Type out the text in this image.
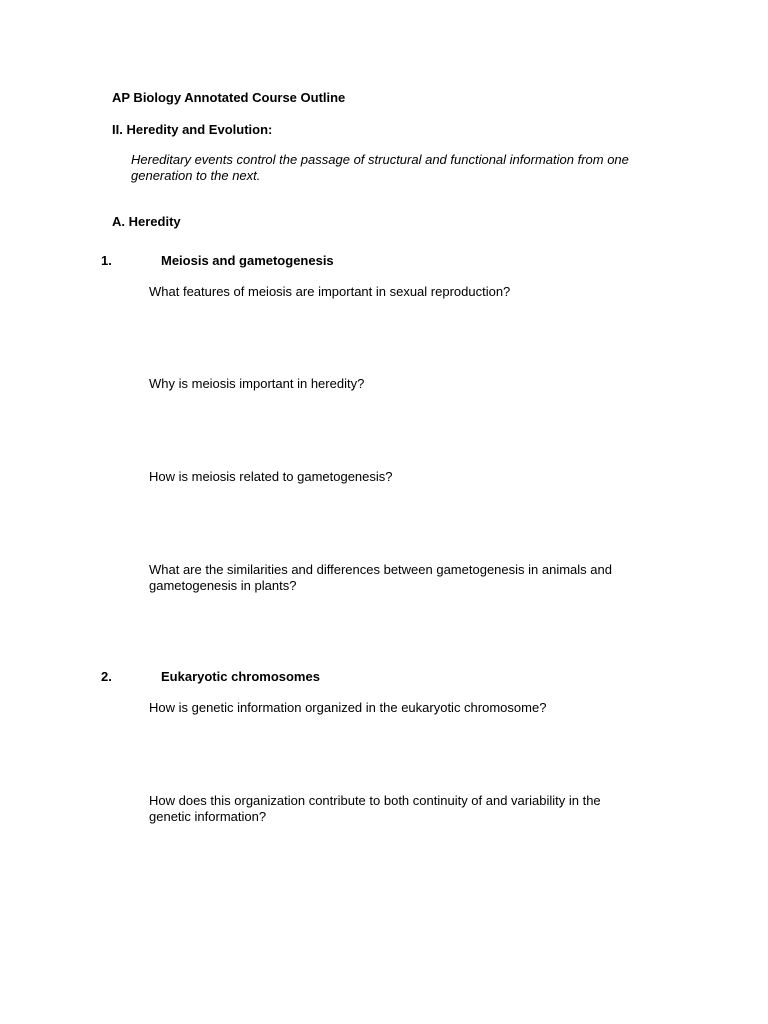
AP Biology Annotated Course Outline
II. Heredity and Evolution:
Hereditary events control the passage of structural and functional information from one generation to the next.
A. Heredity
1.	Meiosis and gametogenesis
What features of meiosis are important in sexual reproduction?
Why is meiosis important in heredity?
How is meiosis related to gametogenesis?
What are the similarities and differences between gametogenesis in animals and gametogenesis in plants?
2.	Eukaryotic chromosomes
How is genetic information organized in the eukaryotic chromosome?
How does this organization contribute to both continuity of and variability in the genetic information?
